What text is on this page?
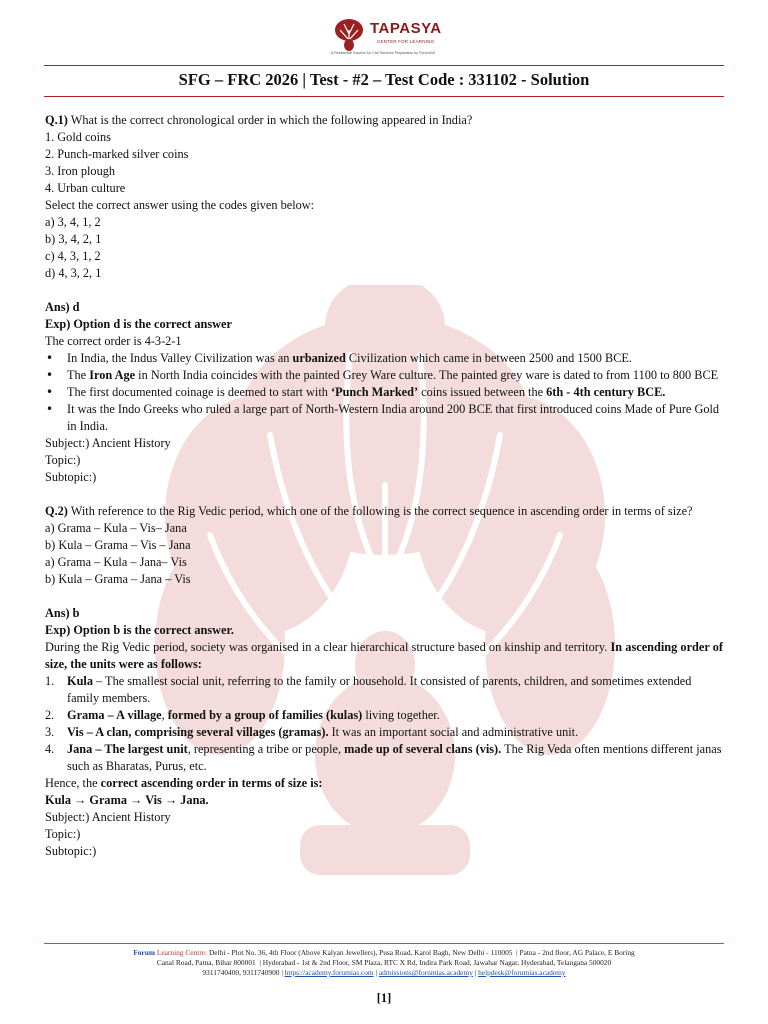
TAPASYA
CENTER FOR LEARNING
A Residential Solution for Civil Services Preparation by ForumIAS
SFG – FRC 2026 | Test - #2 – Test Code : 331102 - Solution

Q.1) What is the correct chronological order in which the following appeared in India?

1. Gold coins

2. Punch-marked silver coins

3. Iron plough

4. Urban culture

Select the correct answer using the codes given below:

a) 3, 4, 1, 2

b) 3, 4, 2, 1

c) 4, 3, 1, 2

d) 4, 3, 2, 1

Ans) d

Exp) Option d is the correct answer

The correct order is 4-3-2-1

• In India, the Indus Valley Civilization was an urbanized Civilization which came in between 2500 and 1500 BCE.
• The Iron Age in North India coincides with the painted Grey Ware culture. The painted grey ware is dated to from 1100 to 800 BCE
• The first documented coinage is deemed to start with ‘Punch Marked’ coins issued between the 6th - 4th century BCE.
• It was the Indo Greeks who ruled a large part of North-Western India around 200 BCE that first introduced coins Made of Pure Gold in India.

Subject:) Ancient History

Topic:)

Subtopic:)

Q.2) With reference to the Rig Vedic period, which one of the following is the correct sequence in ascending order in terms of size?

a) Grama – Kula – Vis– Jana

b) Kula – Grama – Vis – Jana

a) Grama – Kula – Jana– Vis

b) Kula – Grama – Jana – Vis

Ans) b

Exp) Option b is the correct answer.

During the Rig Vedic period, society was organised in a clear hierarchical structure based on kinship and territory. In ascending order of size, the units were as follows:

1. Kula – The smallest social unit, referring to the family or household. It consisted of parents, children, and sometimes extended family members.
2. Grama – A village, formed by a group of families (kulas) living together.
3. Vis – A clan, comprising several villages (gramas). It was an important social and administrative unit.
4. Jana – The largest unit, representing a tribe or people, made up of several clans (vis). The Rig Veda often mentions different janas such as Bharatas, Purus, etc.

Hence, the correct ascending order in terms of size is:

Kula → Grama → Vis → Jana.

Subject:) Ancient History

Topic:)

Subtopic:)

Forum Learning Centre: Delhi - Plot No. 36, 4th Floor (Above Kalyan Jewellers), Pusa Road, Karol Bagh, New Delhi - 110005  | Patna - 2nd floor, AG Palace, E Boring
Canal Road, Patna, Bihar 800001  | Hyderabad - 1st & 2nd Floor, SM Plaza, RTC X Rd, Indira Park Road, Jawahar Nagar, Hyderabad, Telangana 500020
9311740400, 9311740900 | https://academy.forumias.com | admissions@forumias.academy | helpdesk@forumias.academy
[1]
